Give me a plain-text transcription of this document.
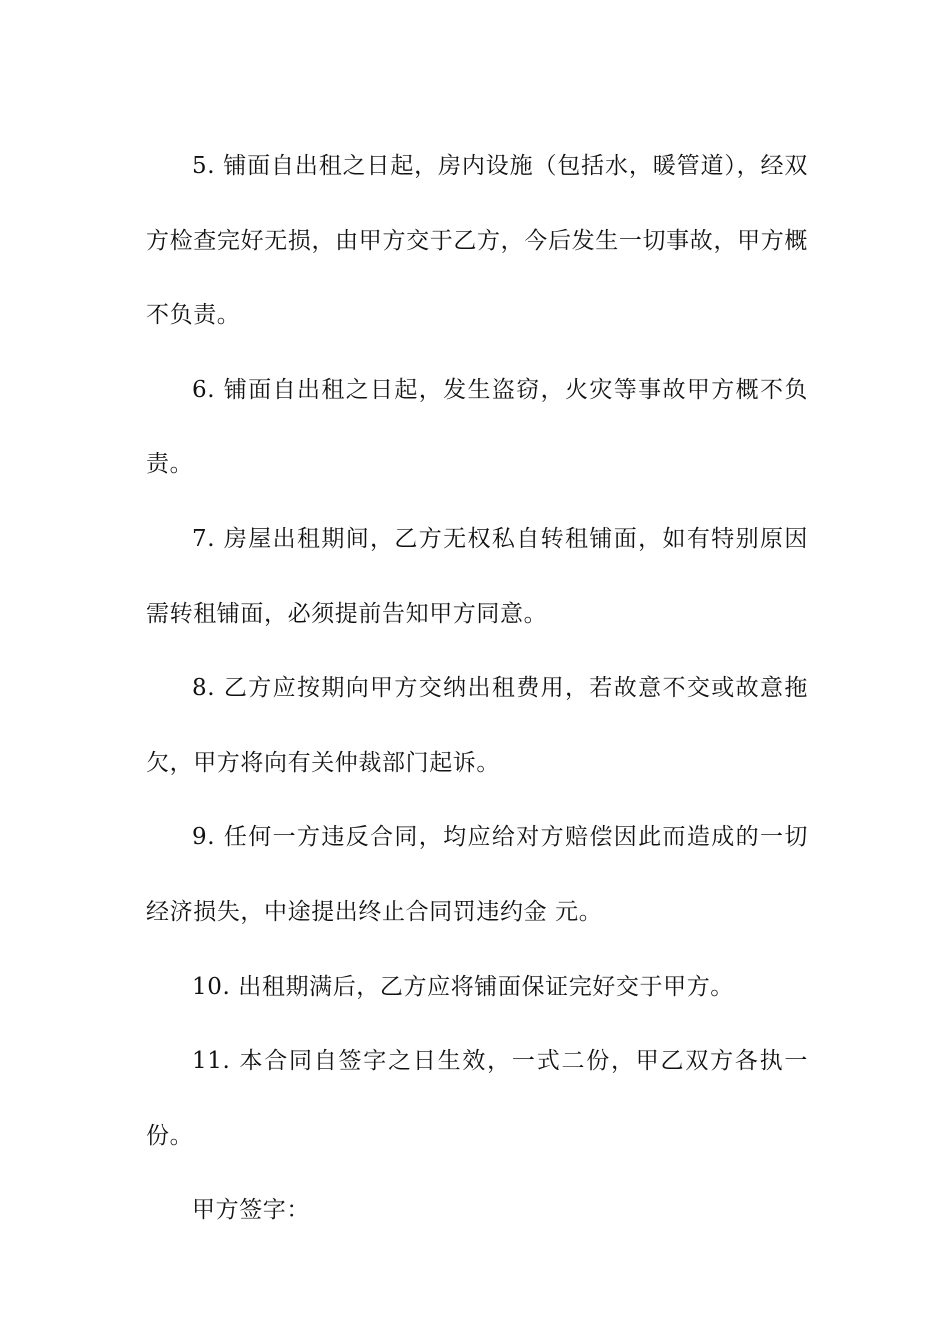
5. 铺面自出租之日起，房内设施（包括水，暖管道），经双方检查完好无损，由甲方交于乙方，今后发生一切事故，甲方概不负责。

6. 铺面自出租之日起，发生盗窃，火灾等事故甲方概不负责。

7. 房屋出租期间，乙方无权私自转租铺面，如有特别原因需转租铺面，必须提前告知甲方同意。

8. 乙方应按期向甲方交纳出租费用，若故意不交或故意拖欠，甲方将向有关仲裁部门起诉。

9. 任何一方违反合同，均应给对方赔偿因此而造成的一切经济损失，中途提出终止合同罚违约金 元。

10. 出租期满后，乙方应将铺面保证完好交于甲方。

11. 本合同自签字之日生效，一式二份，甲乙双方各执一份。

甲方签字：
